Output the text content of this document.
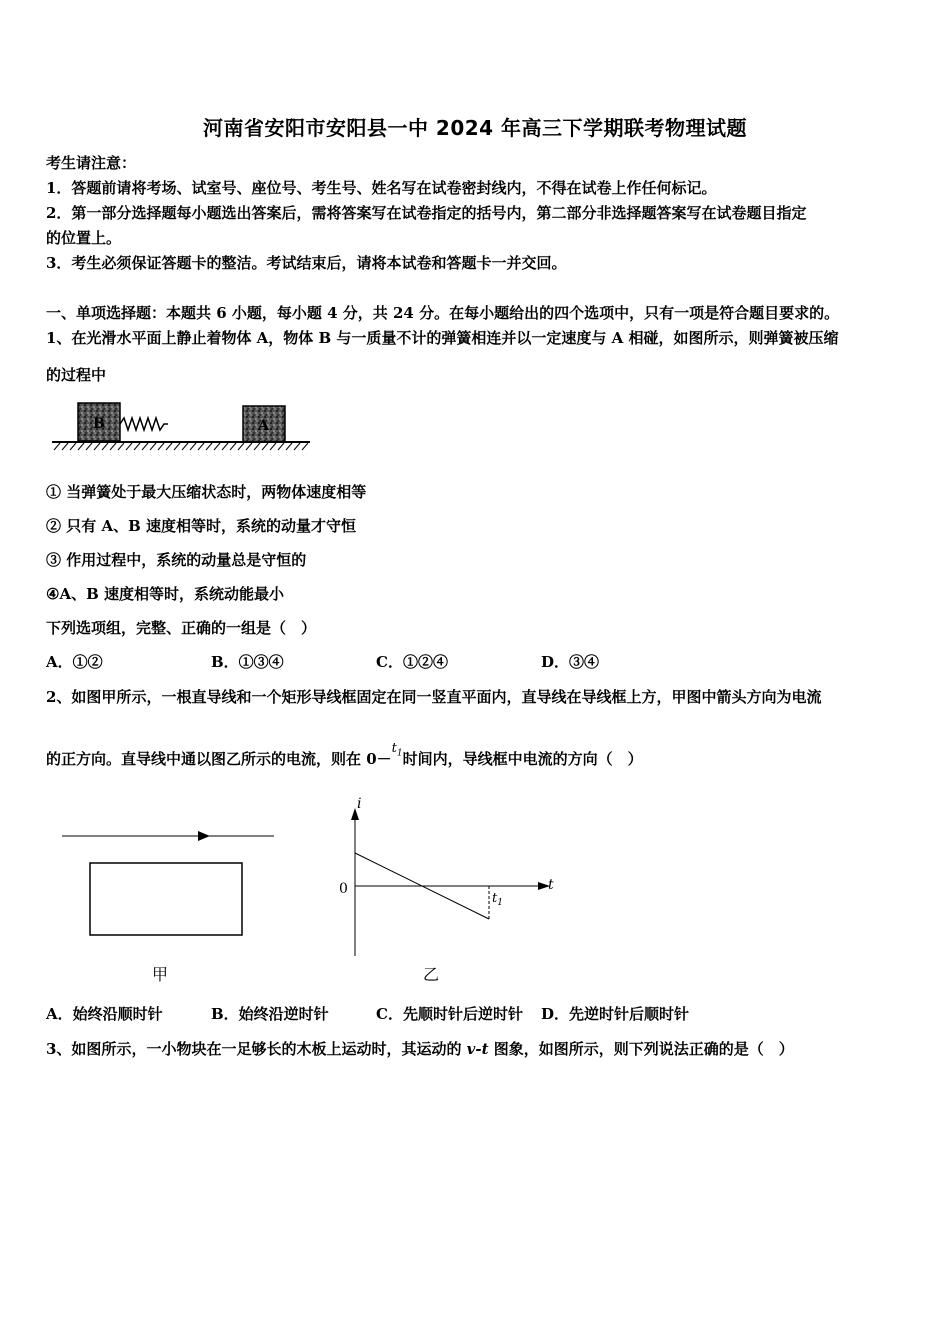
河南省安阳市安阳县一中 2024 年高三下学期联考物理试题
考生请注意：
1．答题前请将考场、试室号、座位号、考生号、姓名写在试卷密封线内，不得在试卷上作任何标记。
2．第一部分选择题每小题选出答案后，需将答案写在试卷指定的括号内，第二部分非选择题答案写在试卷题目指定
的位置上。
3．考生必须保证答题卡的整洁。考试结束后，请将本试卷和答题卡一并交回。
一、单项选择题：本题共 6 小题，每小题 4 分，共 24 分。在每小题给出的四个选项中，只有一项是符合题目要求的。
1、在光滑水平面上静止着物体 A，物体 B 与一质量不计的弹簧相连并以一定速度与 A 相碰，如图所示，则弹簧被压缩
的过程中
B	A
① 当弹簧处于最大压缩状态时，两物体速度相等
② 只有 A、B 速度相等时，系统的动量才守恒
③ 作用过程中，系统的动量总是守恒的
④A、B 速度相等时，系统动能最小
下列选项组，完整、正确的一组是（　）
A．①②	B．①③④	C．①②④	D．③④
2、如图甲所示，一根直导线和一个矩形导线框固定在同一竖直平面内，直导线在导线框上方，甲图中箭头方向为电流
的正方向。直导线中通以图乙所示的电流，则在 $0-t_1$时间内，导线框中电流的方向（　）
甲
i
t
0
$t_1$
乙
A．始终沿顺时针	B．始终沿逆时针	C．先顺时针后逆时针 D．先逆时针后顺时针
3、如图所示，一小物块在一足够长的木板上运动时，其运动的 v-t 图象，如图所示，则下列说法正确的是（　）
